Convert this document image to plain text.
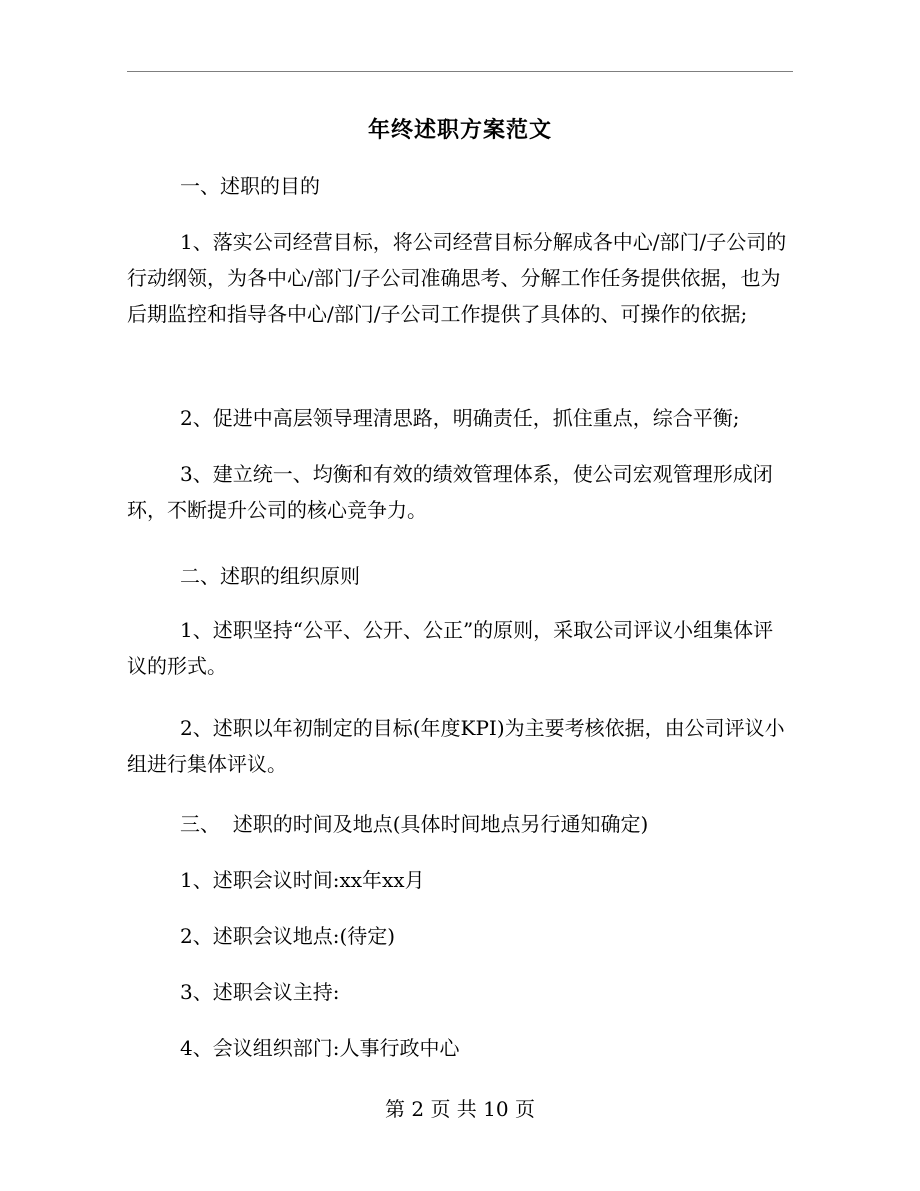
年终述职方案范文

一、述职的目的

1、落实公司经营目标，将公司经营目标分解成各中心/部门/子公司的行动纲领，为各中心/部门/子公司准确思考、分解工作任务提供依据，也为后期监控和指导各中心/部门/子公司工作提供了具体的、可操作的依据;

2、促进中高层领导理清思路，明确责任，抓住重点，综合平衡;

3、建立统一、均衡和有效的绩效管理体系，使公司宏观管理形成闭环，不断提升公司的核心竞争力。

二、述职的组织原则

1、述职坚持“公平、公开、公正”的原则，采取公司评议小组集体评议的形式。

2、述职以年初制定的目标(年度KPI)为主要考核依据，由公司评议小组进行集体评议。

三、  述职的时间及地点(具体时间地点另行通知确定)

1、述职会议时间:xx年xx月

2、述职会议地点:(待定)

3、述职会议主持:

4、会议组织部门:人事行政中心

第 2 页 共 10 页
